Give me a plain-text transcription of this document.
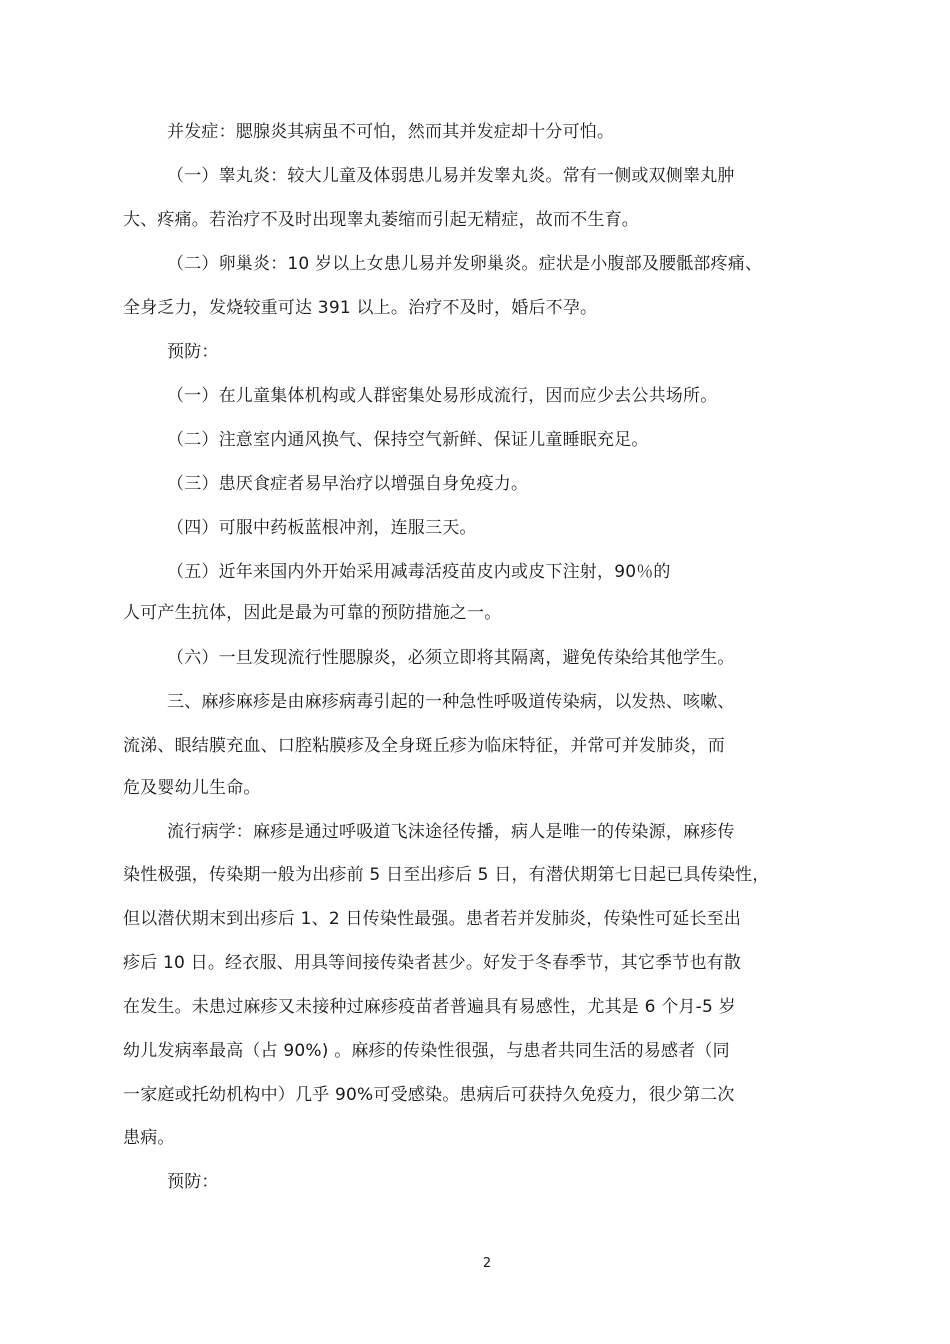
并发症：腮腺炎其病虽不可怕，然而其并发症却十分可怕。
（一）睾丸炎：较大儿童及体弱患儿易并发睾丸炎。常有一侧或双侧睾丸肿
大、疼痛。若治疗不及时出现睾丸萎缩而引起无精症，故而不生育。
（二）卵巢炎：10 岁以上女患儿易并发卵巢炎。症状是小腹部及腰骶部疼痛、
全身乏力，发烧较重可达 391 以上。治疗不及时，婚后不孕。
预防：
（一）在儿童集体机构或人群密集处易形成流行，因而应少去公共场所。
（二）注意室内通风换气、保持空气新鲜、保证儿童睡眠充足。
（三）患厌食症者易早治疗以增强自身免疫力。
（四）可服中药板蓝根冲剂，连服三天。
（五）近年来国内外开始采用减毒活疫苗皮内或皮下注射，90％的
人可产生抗体，因此是最为可靠的预防措施之一。
（六）一旦发现流行性腮腺炎，必须立即将其隔离，避免传染给其他学生。
三、麻疹麻疹是由麻疹病毒引起的一种急性呼吸道传染病，以发热、咳嗽、
流涕、眼结膜充血、口腔粘膜疹及全身斑丘疹为临床特征，并常可并发肺炎，而
危及婴幼儿生命。
流行病学：麻疹是通过呼吸道飞沫途径传播，病人是唯一的传染源，麻疹传
染性极强，传染期一般为出疹前 5 日至出疹后 5 日，有潜伏期第七日起已具传染性，
但以潜伏期末到出疹后 1、2 日传染性最强。患者若并发肺炎，传染性可延长至出
疹后 10 日。经衣服、用具等间接传染者甚少。好发于冬春季节，其它季节也有散
在发生。未患过麻疹又未接种过麻疹疫苗者普遍具有易感性，尤其是 6 个月-5 岁
幼儿发病率最高（占 90%) 。麻疹的传染性很强，与患者共同生活的易感者（同
一家庭或托幼机构中）几乎 90%可受感染。患病后可获持久免疫力，很少第二次
患病。
预防：
2
